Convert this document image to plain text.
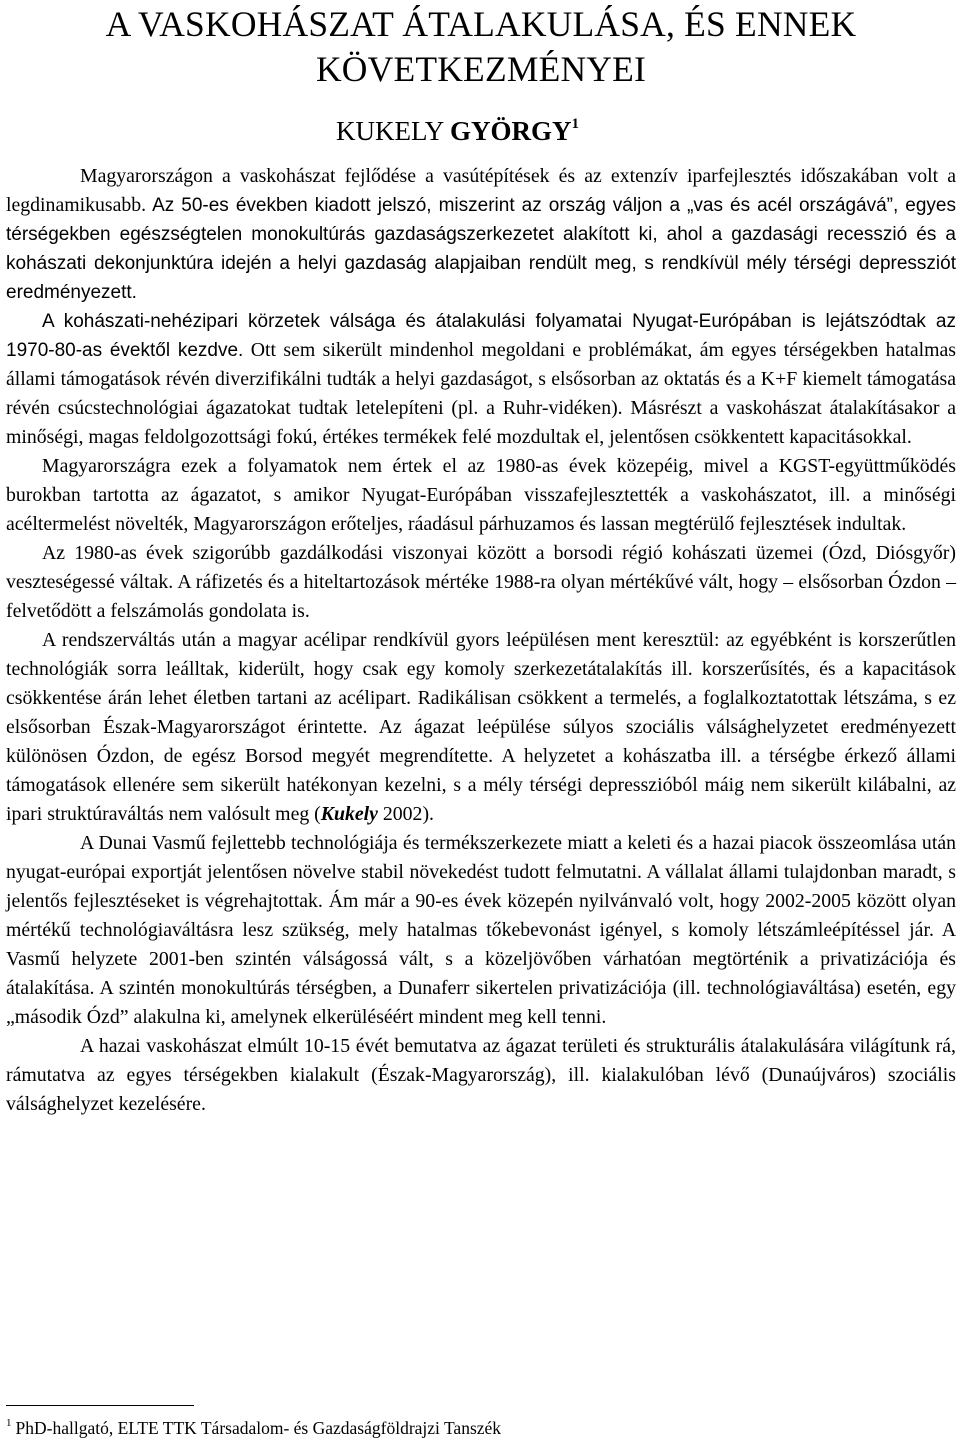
A VASKOHÁSZAT ÁTALAKULÁSA, ÉS ENNEK
KÖVETKEZMÉNYEI

KUKELY GYÖRGY$^1$

Magyarországon a vaskohászat fejlődése a vasútépítések és az extenzív iparfejlesztés időszakában volt a legdinamikusabb. Az 50-es években kiadott jelszó, miszerint az ország váljon a „vas és acél országává”, egyes térségekben egészségtelen monokultúrás gazdaságszerkezetet alakított ki, ahol a gazdasági recesszió és a kohászati dekonjunktúra idején a helyi gazdaság alapjaiban rendült meg, s rendkívül mély térségi depressziót eredményezett.

A kohászati-nehézipari körzetek válsága és átalakulási folyamatai Nyugat-Európában is lejátszódtak az 1970-80-as évektől kezdve. Ott sem sikerült mindenhol megoldani e problémákat, ám egyes térségekben hatalmas állami támogatások révén diverzifikálni tudták a helyi gazdaságot, s elsősorban az oktatás és a K+F kiemelt támogatása révén csúcstechnológiai ágazatokat tudtak letelepíteni (pl. a Ruhr-vidéken). Másrészt a vaskohászat átalakításakor a minőségi, magas feldolgozottsági fokú, értékes termékek felé mozdultak el, jelentősen csökkentett kapacitásokkal.

Magyarországra ezek a folyamatok nem értek el az 1980-as évek közepéig, mivel a KGST-együttműködés burokban tartotta az ágazatot, s amikor Nyugat-Európában visszafejlesztették a vaskohászatot, ill. a minőségi acéltermelést növelték, Magyarországon erőteljes, ráadásul párhuzamos és lassan megtérülő fejlesztések indultak.

Az 1980-as évek szigorúbb gazdálkodási viszonyai között a borsodi régió kohászati üzemei (Ózd, Diósgyőr) veszteségessé váltak. A ráfizetés és a hiteltartozások mértéke 1988-ra olyan mértékűvé vált, hogy – elsősorban Ózdon – felvetődött a felszámolás gondolata is.

A rendszerváltás után a magyar acélipar rendkívül gyors leépülésen ment keresztül: az egyébként is korszerűtlen technológiák sorra leálltak, kiderült, hogy csak egy komoly szerkezetátalakítás ill. korszerűsítés, és a kapacitások csökkentése árán lehet életben tartani az acélipart. Radikálisan csökkent a termelés, a foglalkoztatottak létszáma, s ez elsősorban Észak-Magyarországot érintette. Az ágazat leépülése súlyos szociális válsághelyzetet eredményezett különösen Ózdon, de egész Borsod megyét megrendítette. A helyzetet a kohászatba ill. a térségbe érkező állami támogatások ellenére sem sikerült hatékonyan kezelni, s a mély térségi depresszióból máig nem sikerült kilábalni, az ipari struktúraváltás nem valósult meg (Kukely 2002).

A Dunai Vasmű fejlettebb technológiája és termékszerkezete miatt a keleti és a hazai piacok összeomlása után nyugat-európai exportját jelentősen növelve stabil növekedést tudott felmutatni. A vállalat állami tulajdonban maradt, s jelentős fejlesztéseket is végrehajtottak. Ám már a 90-es évek közepén nyilvánvaló volt, hogy 2002-2005 között olyan mértékű technológiaváltásra lesz szükség, mely hatalmas tőkebevonást igényel, s komoly létszámleépítéssel jár. A Vasmű helyzete 2001-ben szintén válságossá vált, s a közeljövőben várhatóan megtörténik a privatizációja és átalakítása. A szintén monokultúrás térségben, a Dunaferr sikertelen privatizációja (ill. technológiaváltása) esetén, egy „második Ózd” alakulna ki, amelynek elkerüléséért mindent meg kell tenni.

A hazai vaskohászat elmúlt 10-15 évét bemutatva az ágazat területi és strukturális átalakulására világítunk rá, rámutatva az egyes térségekben kialakult (Észak-Magyarország), ill. kialakulóban lévő (Dunaújváros) szociális válsághelyzet kezelésére.

$^1$ PhD-hallgató, ELTE TTK Társadalom- és Gazdaságföldrajzi Tanszék
